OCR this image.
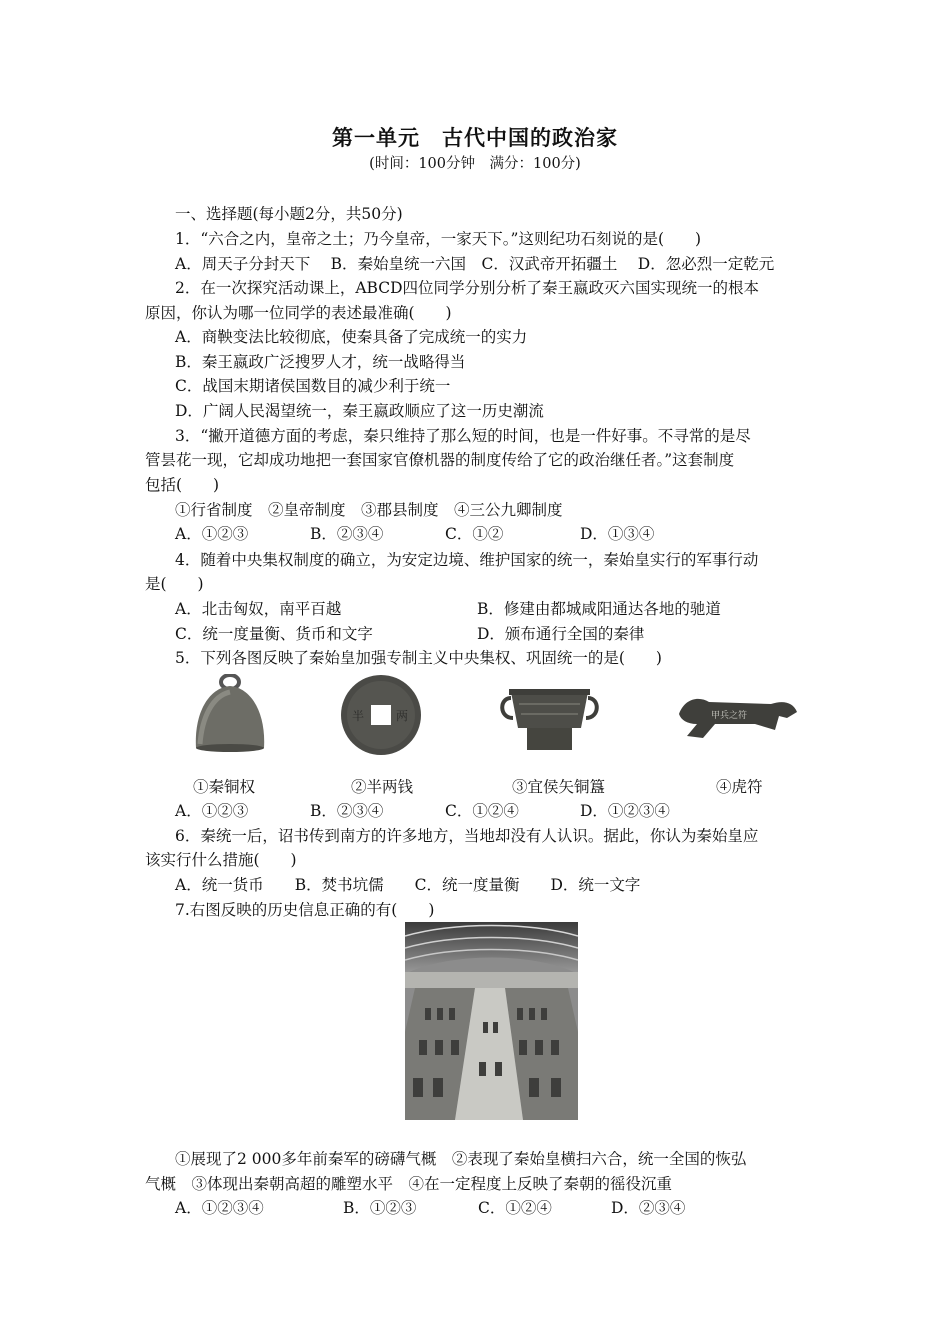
第一单元　古代中国的政治家
(时间：100分钟　满分：100分)
一、选择题(每小题2分，共50分)
1．“六合之内，皇帝之土；乃今皇帝，一家天下。”这则纪功石刻说的是(　　)
A．周天子分封天下　 B．秦始皇统一六国　C．汉武帝开拓疆土　 D．忽必烈一定乾元
2．在一次探究活动课上，ABCD四位同学分别分析了秦王嬴政灭六国实现统一的根本
原因，你认为哪一位同学的表述最准确(　　)
A．商鞅变法比较彻底，使秦具备了完成统一的实力
B．秦王嬴政广泛搜罗人才，统一战略得当
C．战国末期诸侯国数目的减少利于统一
D．广阔人民渴望统一，秦王嬴政顺应了这一历史潮流
3．“撇开道德方面的考虑，秦只维持了那么短的时间，也是一件好事。不寻常的是尽
管昙花一现，它却成功地把一套国家官僚机器的制度传给了它的政治继任者。”这套制度
包括(　　)
①行省制度　②皇帝制度　③郡县制度　④三公九卿制度
A．①②③	B．②③④	C．①②	D．①③④
4．随着中央集权制度的确立，为安定边境、维护国家的统一，秦始皇实行的军事行动
是(　　)
A．北击匈奴，南平百越	B．修建由都城咸阳通达各地的驰道
C．统一度量衡、货币和文字	D．颁布通行全国的秦律
5．下列各图反映了秦始皇加强专制主义中央集权、巩固统一的是(　　)
半	两	甲兵之符
①秦铜权	②半两钱	③宜侯矢铜簋	④虎符
A．①②③	B．②③④	C．①②④	D．①②③④
6．秦统一后，诏书传到南方的许多地方，当地却没有人认识。据此，你认为秦始皇应
该实行什么措施(　　)
A．统一货币　　B．焚书坑儒　　C．统一度量衡　　D．统一文字
7.右图反映的历史信息正确的有(　　)
①展现了2 000多年前秦军的磅礴气概　②表现了秦始皇横扫六合，统一全国的恢弘
气概　③体现出秦朝高超的雕塑水平　④在一定程度上反映了秦朝的徭役沉重
A．①②③④	B．①②③	C．①②④	D．②③④
